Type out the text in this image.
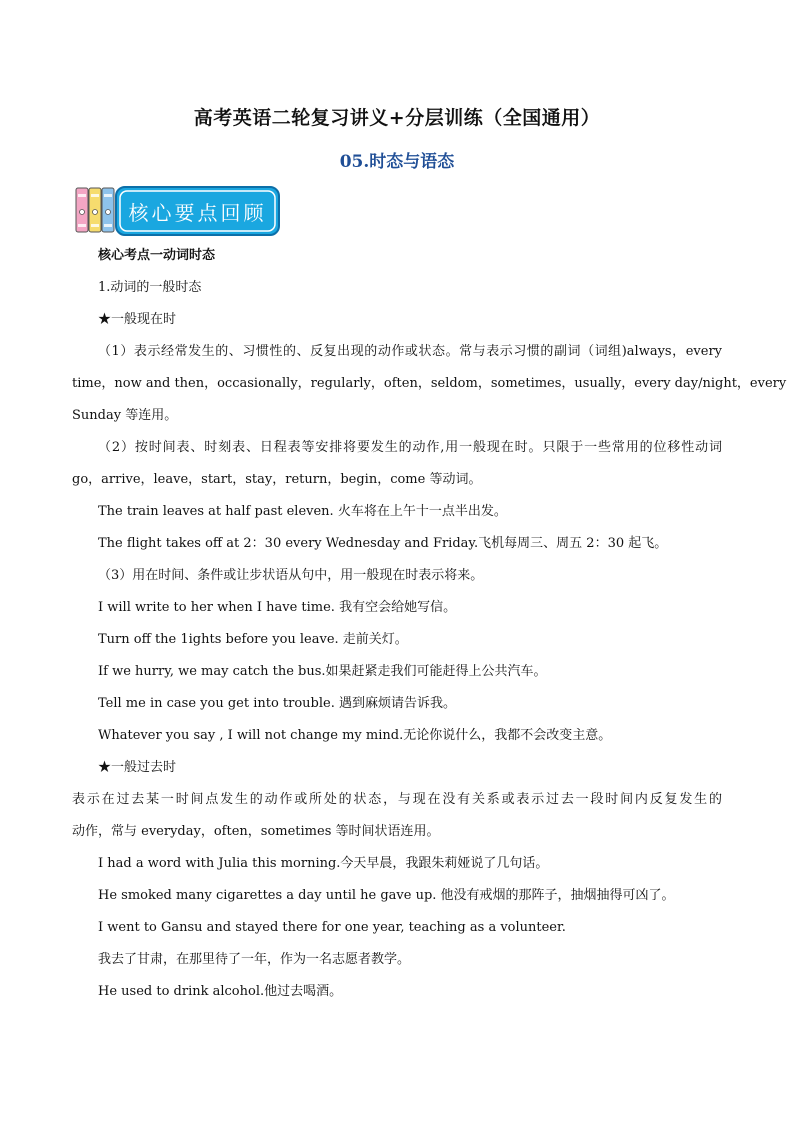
高考英语二轮复习讲义+分层训练（全国通用）
05.时态与语态
核心要点回顾
核心考点一动词时态
1.动词的一般时态
★一般现在时
（1）表示经常发生的、习惯性的、反复出现的动作或状态。常与表示习惯的副词（词组)always，every
time，now and then，occasionally，regularly，often，seldom，sometimes，usually，every day/night，every
Sunday 等连用。
（2）按时间表、时刻表、日程表等安排将要发生的动作,用一般现在时。只限于一些常用的位移性动词
go，arrive，leave，start，stay，return，begin，come 等动词。
The train leaves at half past eleven. 火车将在上午十一点半出发。
The flight takes off at 2：30 every Wednesday and Friday.飞机每周三、周五 2：30 起飞。
（3）用在时间、条件或让步状语从句中，用一般现在时表示将来。
I will write to her when I have time. 我有空会给她写信。
Turn off the 1ights before you leave. 走前关灯。
If we hurry, we may catch the bus.如果赶紧走我们可能赶得上公共汽车。
Tell me in case you get into trouble. 遇到麻烦请告诉我。
Whatever you say , I will not change my mind.无论你说什么，我都不会改变主意。
★一般过去时
表示在过去某一时间点发生的动作或所处的状态，与现在没有关系或表示过去一段时间内反复发生的
动作，常与 everyday，often，sometimes 等时间状语连用。
I had a word with Julia this morning.今天早晨，我跟朱莉娅说了几句话。
He smoked many cigarettes a day until he gave up. 他没有戒烟的那阵子，抽烟抽得可凶了。
I went to Gansu and stayed there for one year, teaching as a volunteer.
我去了甘肃，在那里待了一年，作为一名志愿者教学。
He used to drink alcohol.他过去喝酒。
